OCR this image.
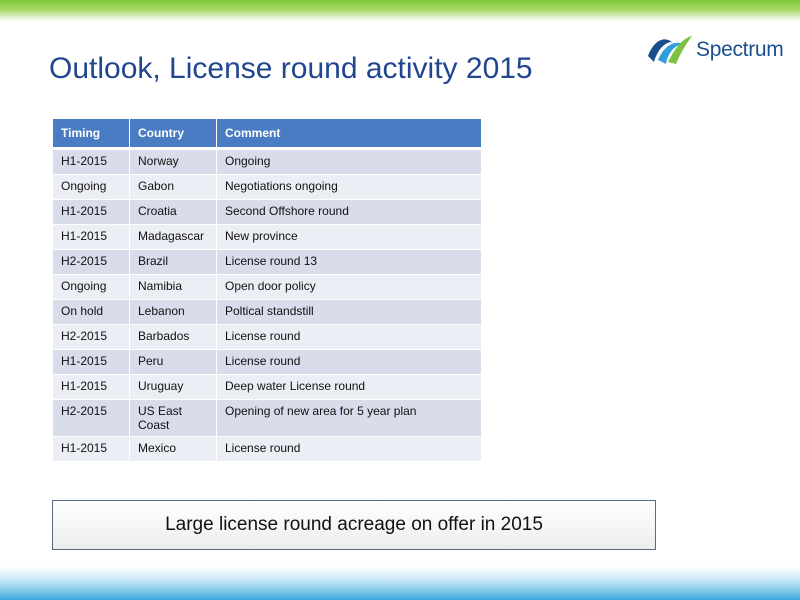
Spectrum
Outlook, License round activity 2015
Timing	Country	Comment
H1-2015	Norway	Ongoing
Ongoing	Gabon	Negotiations ongoing
H1-2015	Croatia	Second Offshore round
H1-2015	Madagascar	New province
H2-2015	Brazil	License round 13
Ongoing	Namibia	Open door policy
On hold	Lebanon	Poltical standstill
H2-2015	Barbados	License round
H1-2015	Peru	License round
H1-2015	Uruguay	Deep water License round
H2-2015	US East Coast	Opening of new area for 5 year plan
H1-2015	Mexico	License round
Large license round acreage on offer in 2015
